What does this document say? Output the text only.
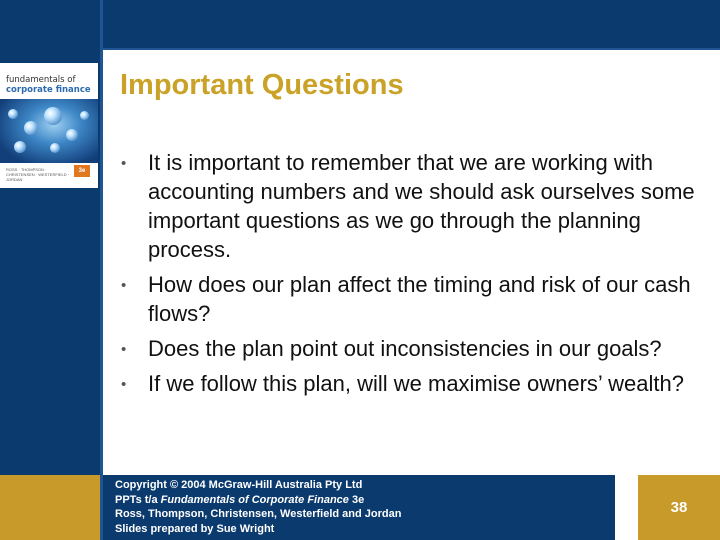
fundamentals of
corporate finance
ROSS · THOMPSON · CHRISTENSEN · WESTERFIELD · JORDAN
3e
Important Questions
• It is important to remember that we are working with accounting numbers and we should ask ourselves some important questions as we go through the planning process.
• How does our plan affect the timing and risk of our cash flows?
• Does the plan point out inconsistencies in our goals?
• If we follow this plan, will we maximise owners’ wealth?
Copyright © 2004 McGraw-Hill Australia Pty Ltd
PPTs t/a Fundamentals of Corporate Finance 3e
Ross, Thompson, Christensen, Westerfield and Jordan
Slides prepared by Sue Wright
38
